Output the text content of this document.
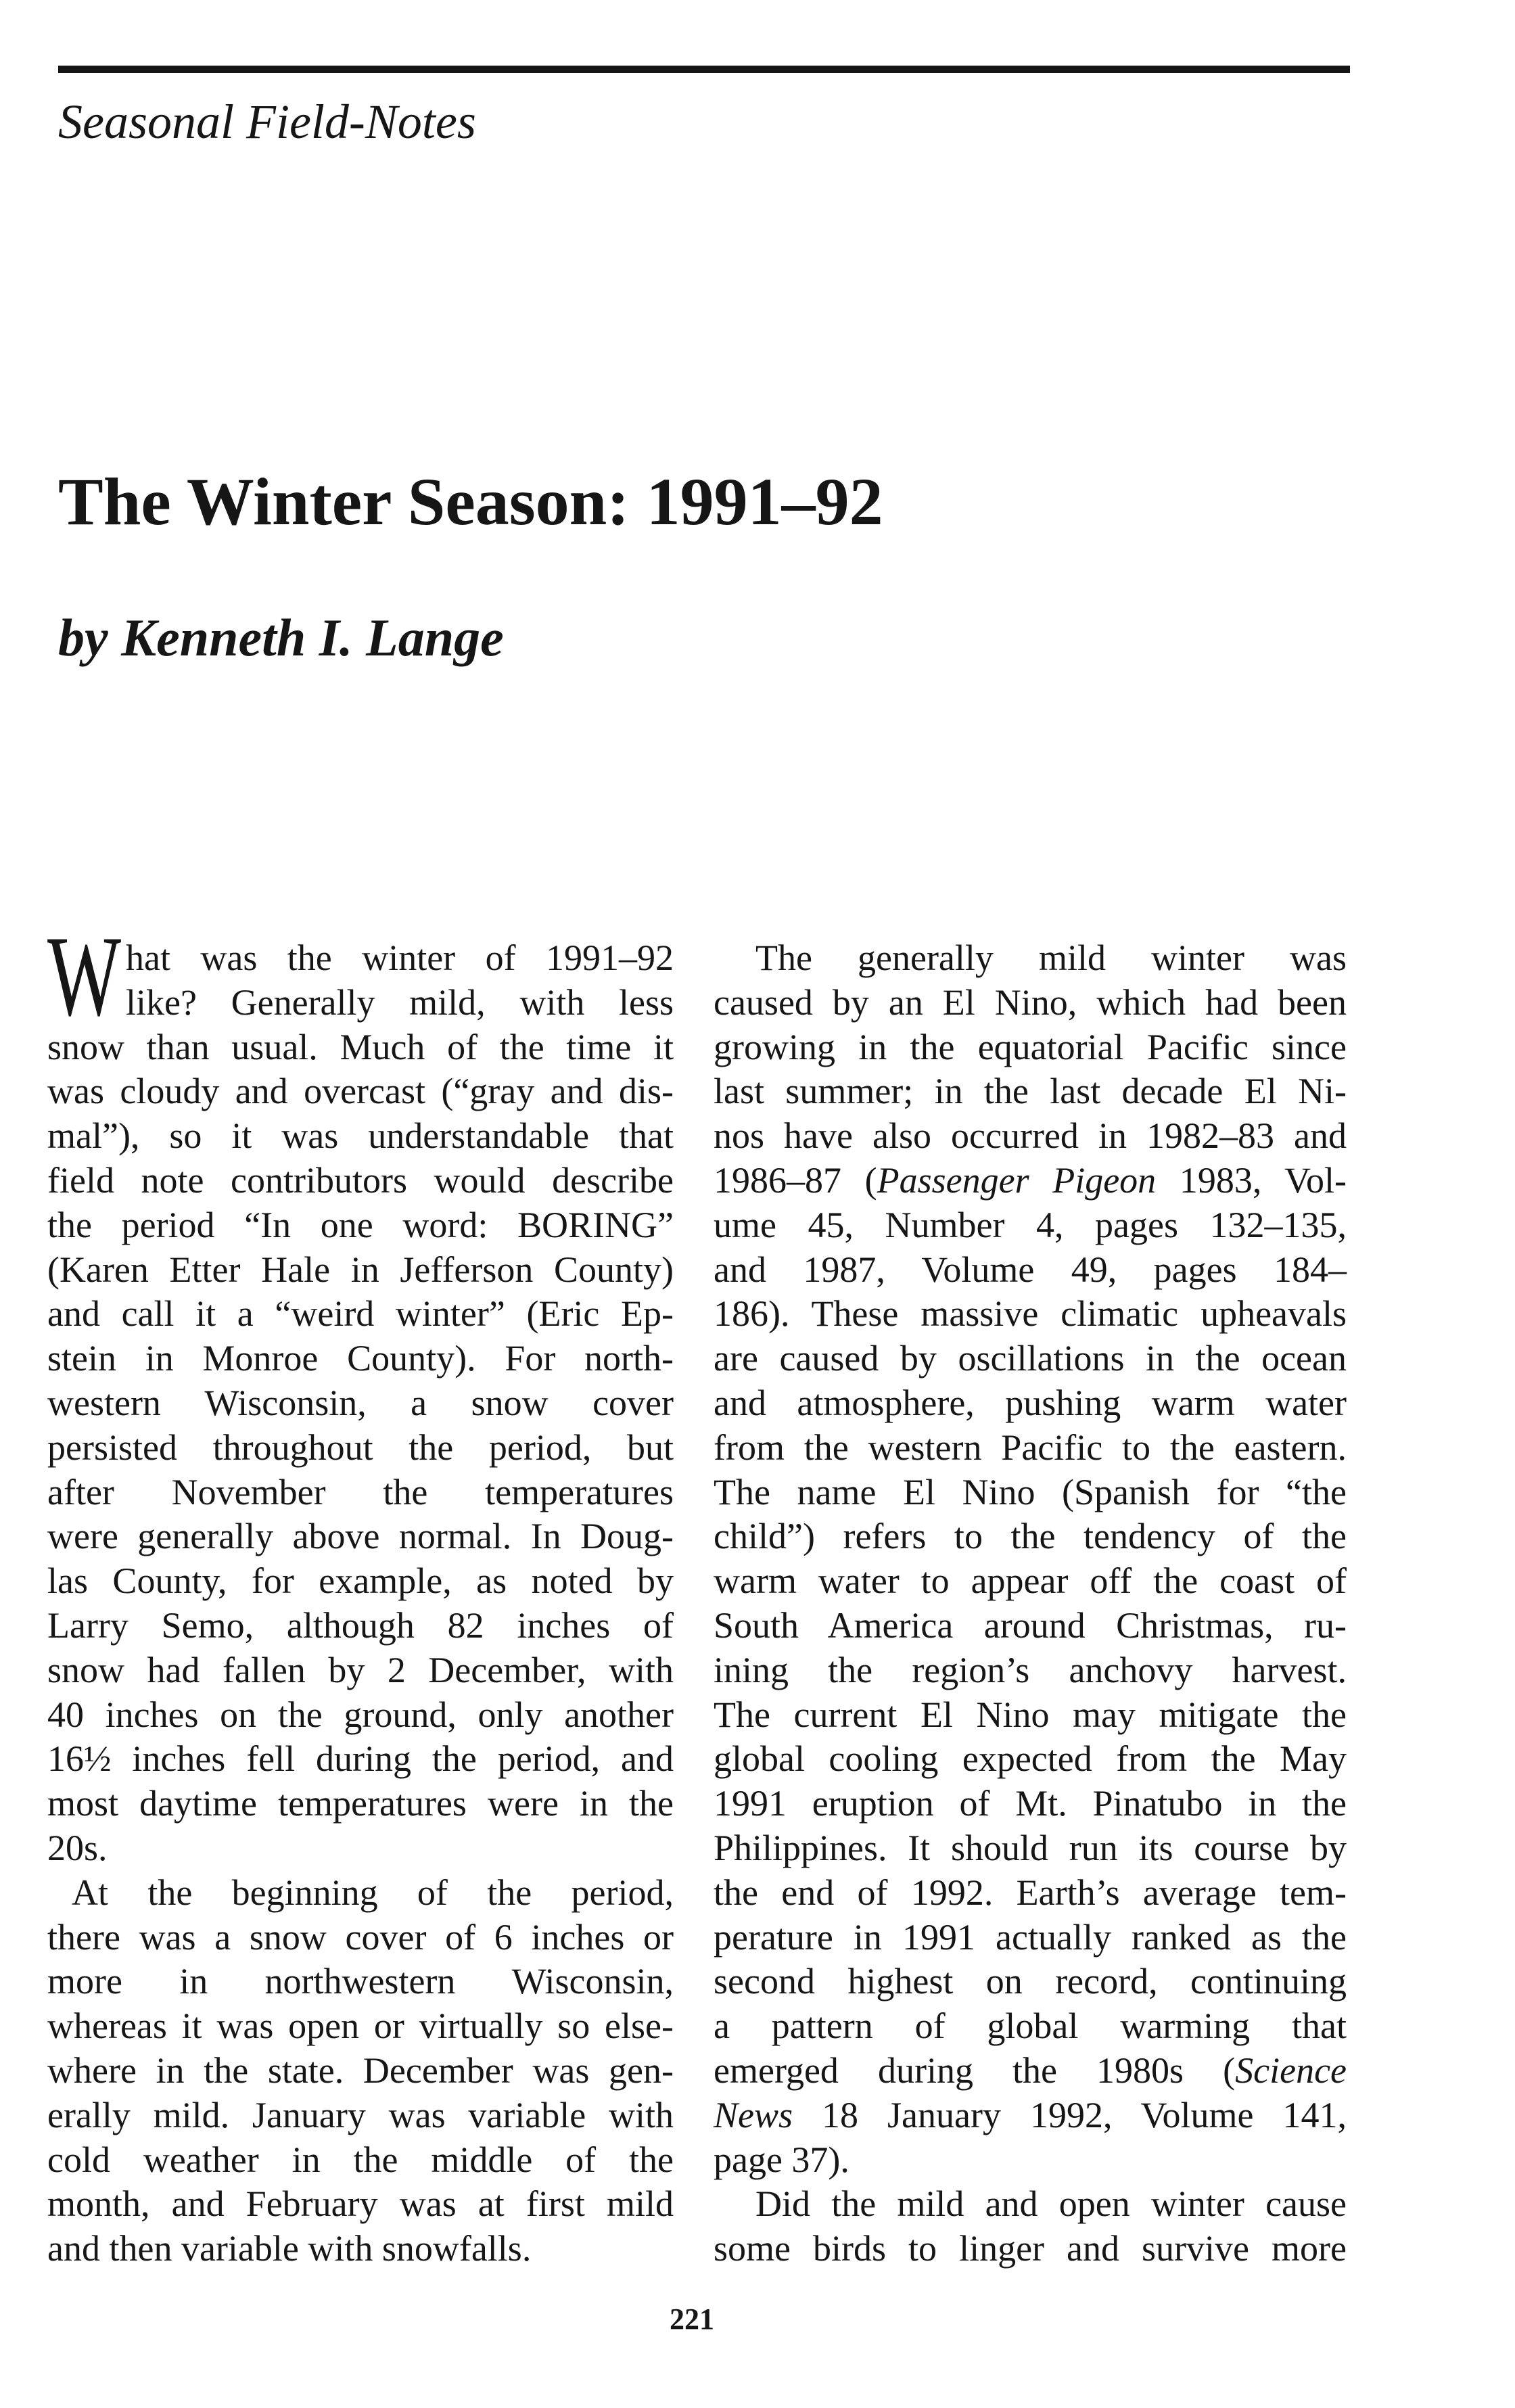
Seasonal Field-Notes
The Winter Season: 1991–92
by Kenneth I. Lange
W hat was the winter of 1991–92
like? Generally mild, with less
snow than usual. Much of the time it
was cloudy and overcast (“gray and dis-
mal”), so it was understandable that
field note contributors would describe
the period “In one word: BORING”
(Karen Etter Hale in Jefferson County)
and call it a “weird winter” (Eric Ep-
stein in Monroe County). For north-
western Wisconsin, a snow cover
persisted throughout the period, but
after November the temperatures
were generally above normal. In Doug-
las County, for example, as noted by
Larry Semo, although 82 inches of
snow had fallen by 2 December, with
40 inches on the ground, only another
16½ inches fell during the period, and
most daytime temperatures were in the
20s.
At the beginning of the period,
there was a snow cover of 6 inches or
more in northwestern Wisconsin,
whereas it was open or virtually so else-
where in the state. December was gen-
erally mild. January was variable with
cold weather in the middle of the
month, and February was at first mild
and then variable with snowfalls.
The generally mild winter was
caused by an El Nino, which had been
growing in the equatorial Pacific since
last summer; in the last decade El Ni-
nos have also occurred in 1982–83 and
1986–87 (Passenger Pigeon 1983, Vol-
ume 45, Number 4, pages 132–135,
and 1987, Volume 49, pages 184–
186). These massive climatic upheavals
are caused by oscillations in the ocean
and atmosphere, pushing warm water
from the western Pacific to the eastern.
The name El Nino (Spanish for “the
child”) refers to the tendency of the
warm water to appear off the coast of
South America around Christmas, ru-
ining the region’s anchovy harvest.
The current El Nino may mitigate the
global cooling expected from the May
1991 eruption of Mt. Pinatubo in the
Philippines. It should run its course by
the end of 1992. Earth’s average tem-
perature in 1991 actually ranked as the
second highest on record, continuing
a pattern of global warming that
emerged during the 1980s (Science
News 18 January 1992, Volume 141,
page 37).
Did the mild and open winter cause
some birds to linger and survive more
221
